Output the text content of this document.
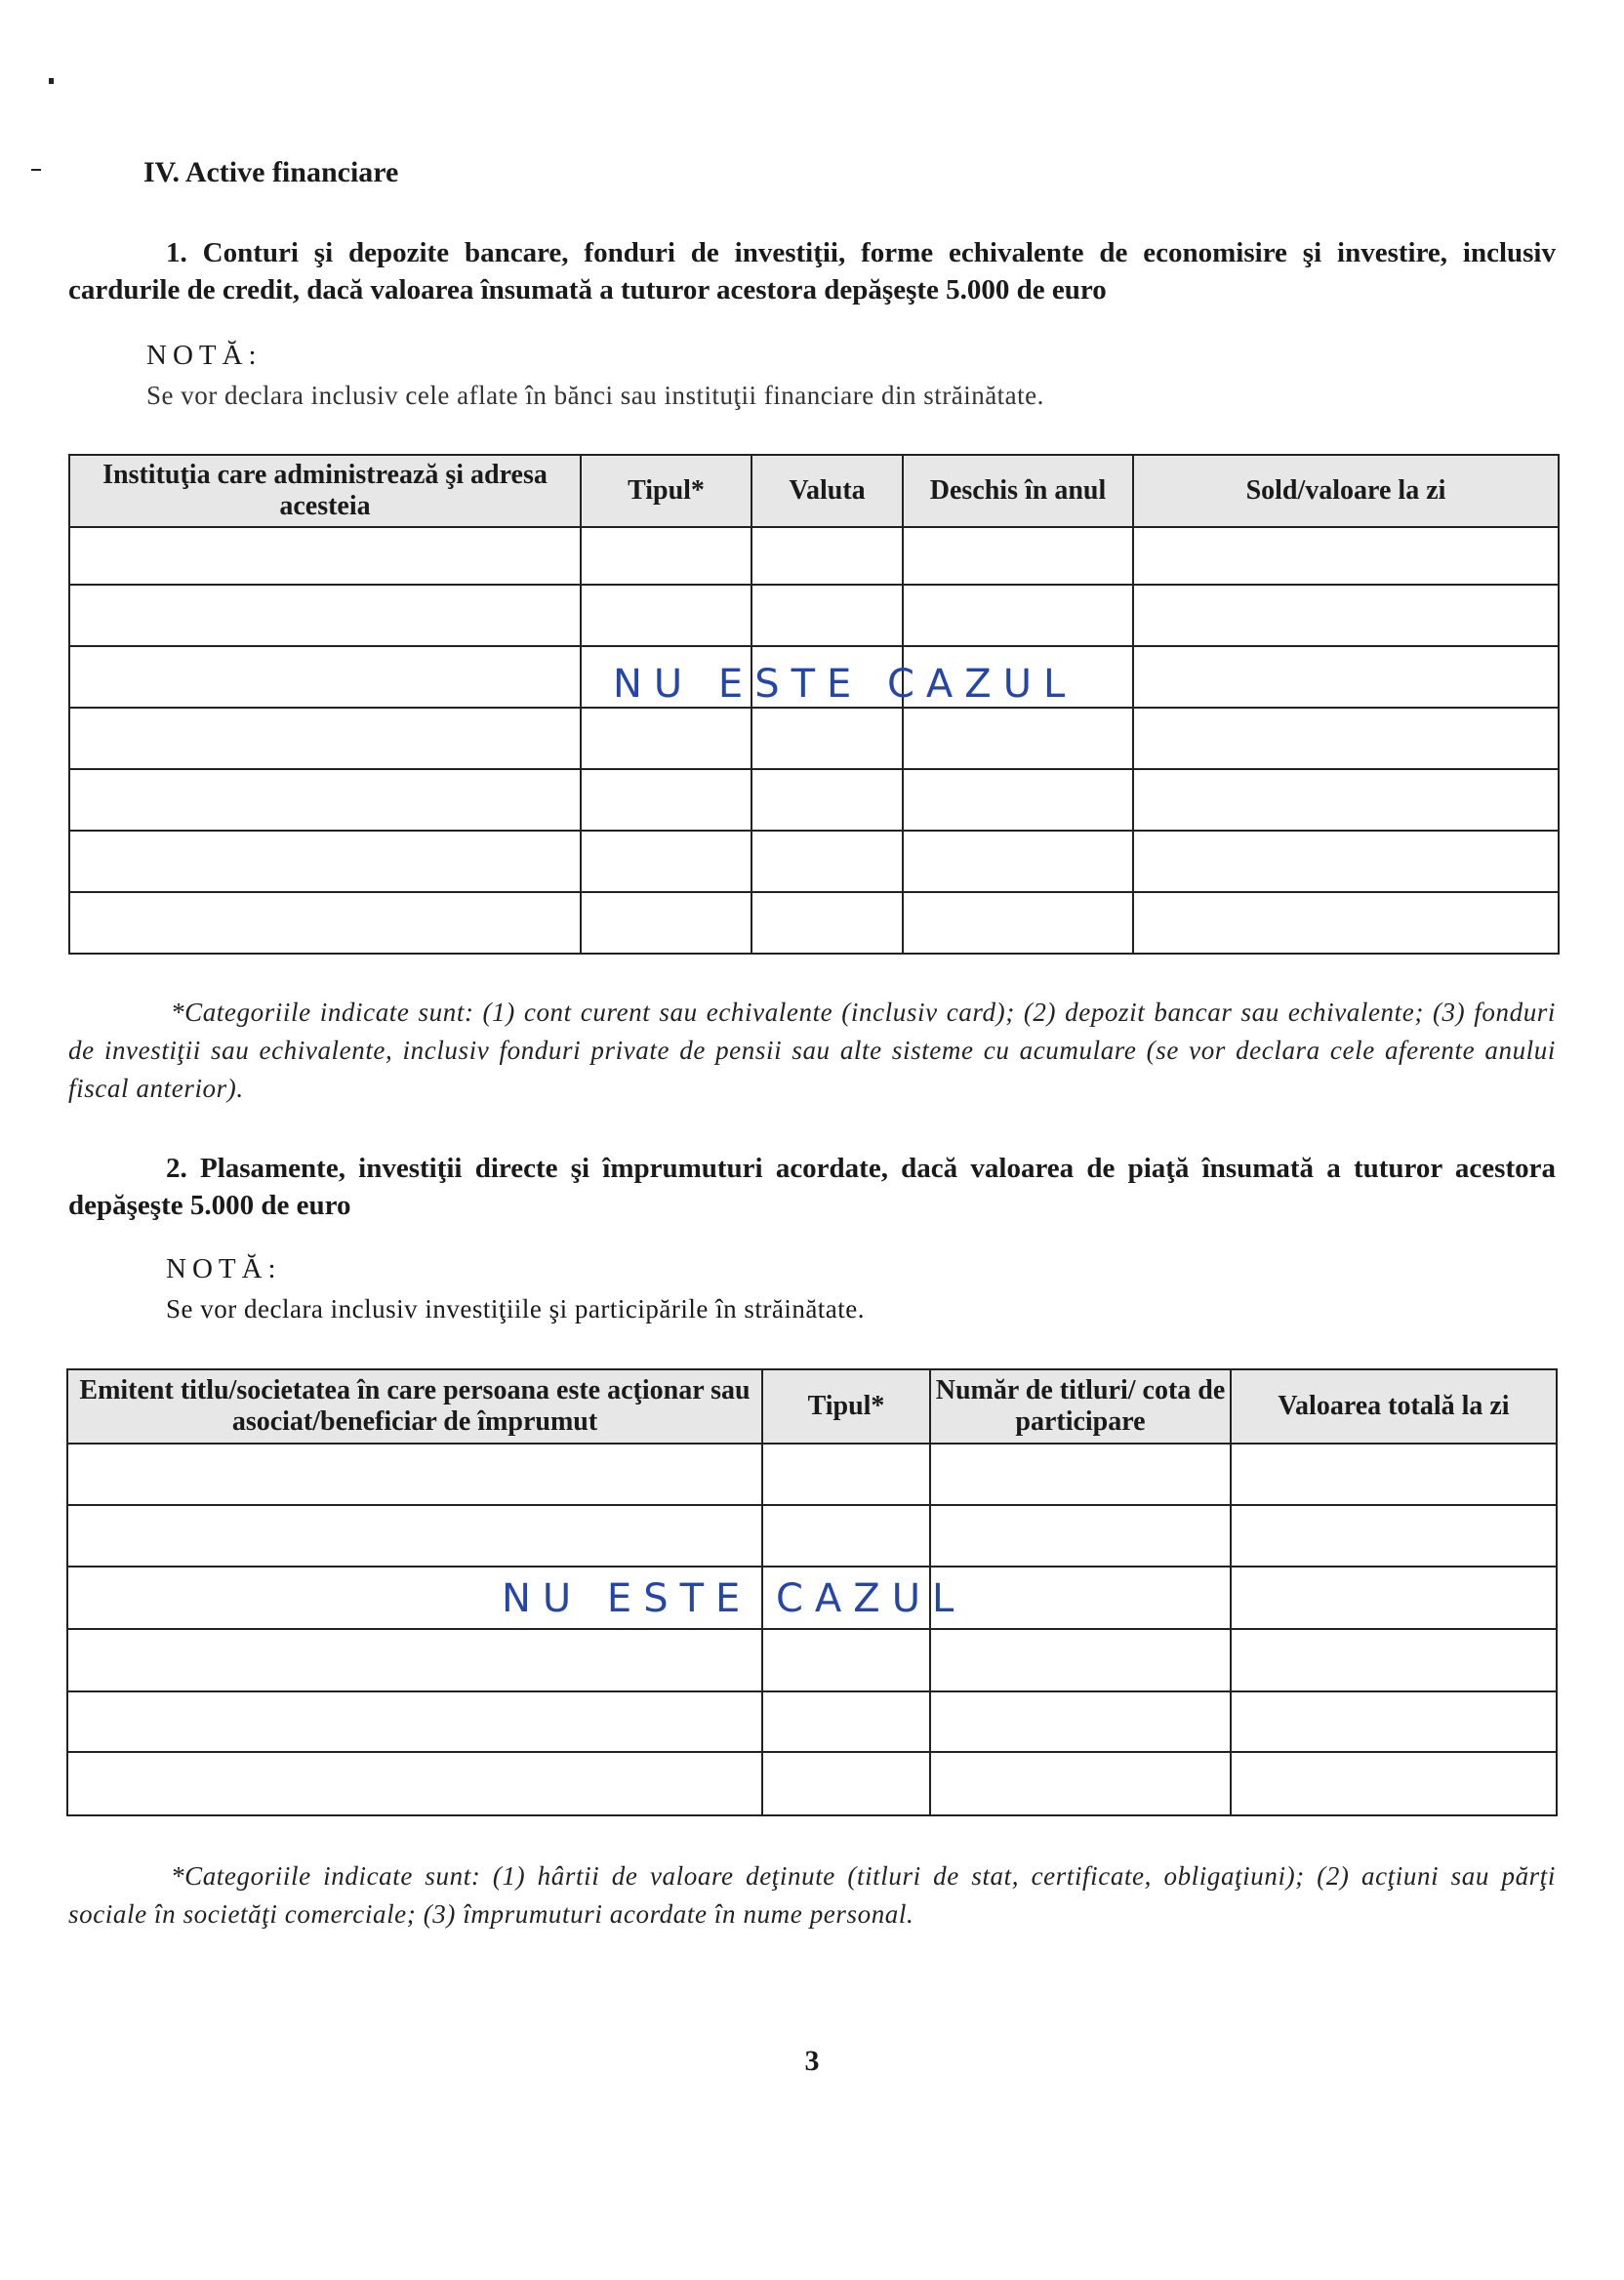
IV. Active financiare
1. Conturi şi depozite bancare, fonduri de investiţii, forme echivalente de economisire şi investire, inclusiv cardurile de credit, dacă valoarea însumată a tuturor acestora depăşeşte 5.000 de euro
NOTĂ:
Se vor declara inclusiv cele aflate în bănci sau instituţii financiare din străinătate.
Instituţia care administrează şi adresa acesteia	Tipul*	Valuta	Deschis în anul	Sold/valoare la zi

NU ESTE CAZUL
*Categoriile indicate sunt: (1) cont curent sau echivalente (inclusiv card); (2) depozit bancar sau echivalente; (3) fonduri de investiţii sau echivalente, inclusiv fonduri private de pensii sau alte sisteme cu acumulare (se vor declara cele aferente anului fiscal anterior).
2. Plasamente, investiţii directe şi împrumuturi acordate, dacă valoarea de piaţă însumată a tuturor acestora depăşeşte 5.000 de euro
NOTĂ:
Se vor declara inclusiv investiţiile şi participările în străinătate.
Emitent titlu/societatea în care persoana este acţionar sau asociat/beneficiar de împrumut	Tipul*	Număr de titluri/ cota de participare	Valoarea totală la zi

NU ESTE CAZUL
*Categoriile indicate sunt: (1) hârtii de valoare deţinute (titluri de stat, certificate, obligaţiuni); (2) acţiuni sau părţi sociale în societăţi comerciale; (3) împrumuturi acordate în nume personal.
3
